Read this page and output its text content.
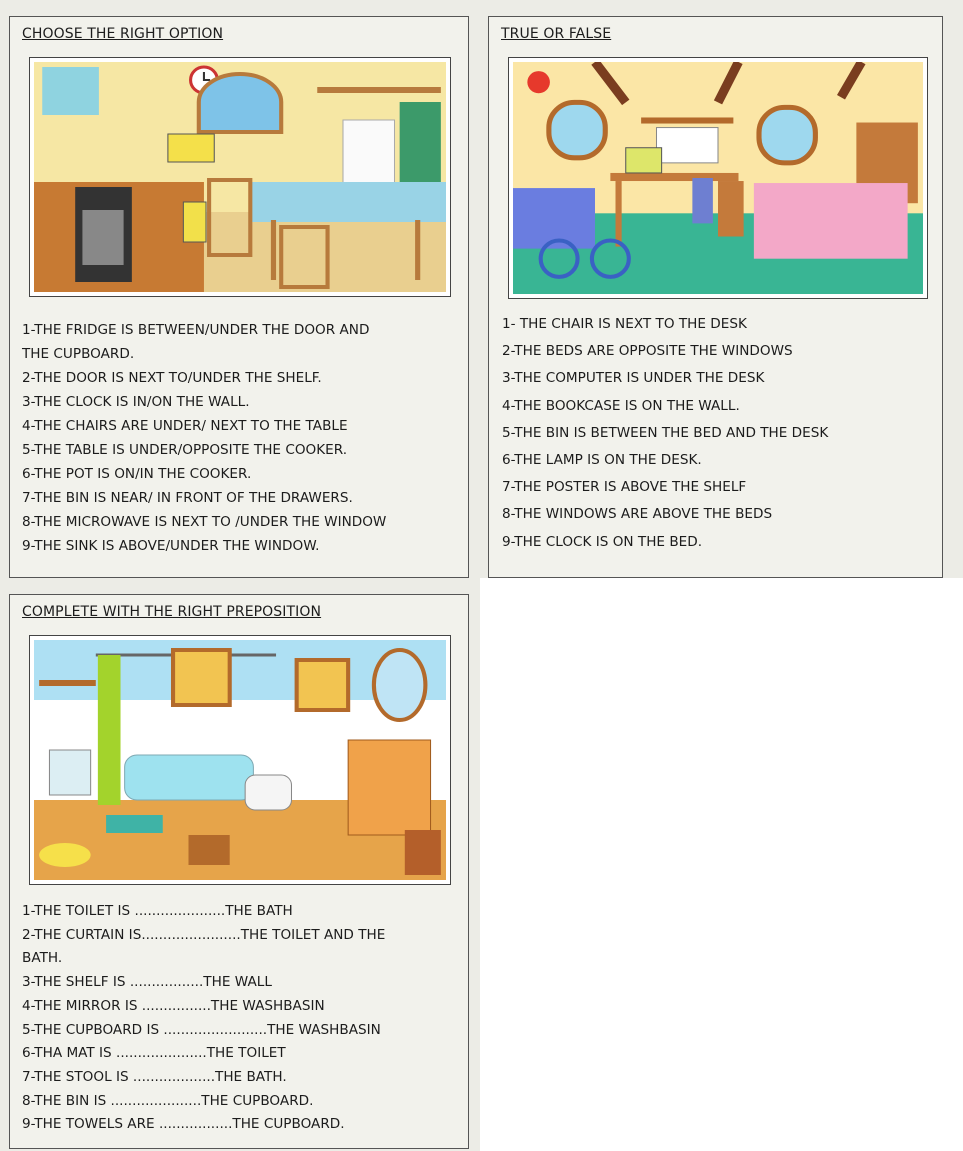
CHOOSE THE RIGHT OPTION
1-THE FRIDGE IS BETWEEN/UNDER THE DOOR AND
THE CUPBOARD.
2-THE DOOR IS NEXT TO/UNDER THE SHELF.
3-THE CLOCK IS IN/ON THE WALL.
4-THE CHAIRS ARE UNDER/ NEXT TO THE TABLE
5-THE TABLE IS UNDER/OPPOSITE THE COOKER.
6-THE POT IS ON/IN THE COOKER.
7-THE BIN IS NEAR/ IN FRONT OF THE DRAWERS.
8-THE MICROWAVE IS NEXT TO /UNDER THE WINDOW
9-THE SINK IS ABOVE/UNDER THE WINDOW.
TRUE OR FALSE
1- THE CHAIR IS NEXT TO THE DESK
2-THE BEDS ARE OPPOSITE THE WINDOWS
3-THE COMPUTER IS UNDER THE DESK
4-THE BOOKCASE IS ON THE WALL.
5-THE BIN IS BETWEEN THE BED AND THE DESK
6-THE LAMP IS ON THE DESK.
7-THE POSTER IS ABOVE THE SHELF
8-THE WINDOWS ARE ABOVE THE BEDS
9-THE CLOCK IS ON THE BED.
COMPLETE WITH THE RIGHT PREPOSITION
1-THE TOILET IS .....................THE BATH
2-THE CURTAIN IS.......................THE TOILET AND THE
BATH.
3-THE SHELF IS .................THE WALL
4-THE MIRROR IS ................THE WASHBASIN
5-THE CUPBOARD IS ........................THE WASHBASIN
6-THA MAT IS .....................THE TOILET
7-THE STOOL IS ...................THE BATH.
8-THE BIN IS .....................THE CUPBOARD.
9-THE TOWELS ARE .................THE CUPBOARD.
